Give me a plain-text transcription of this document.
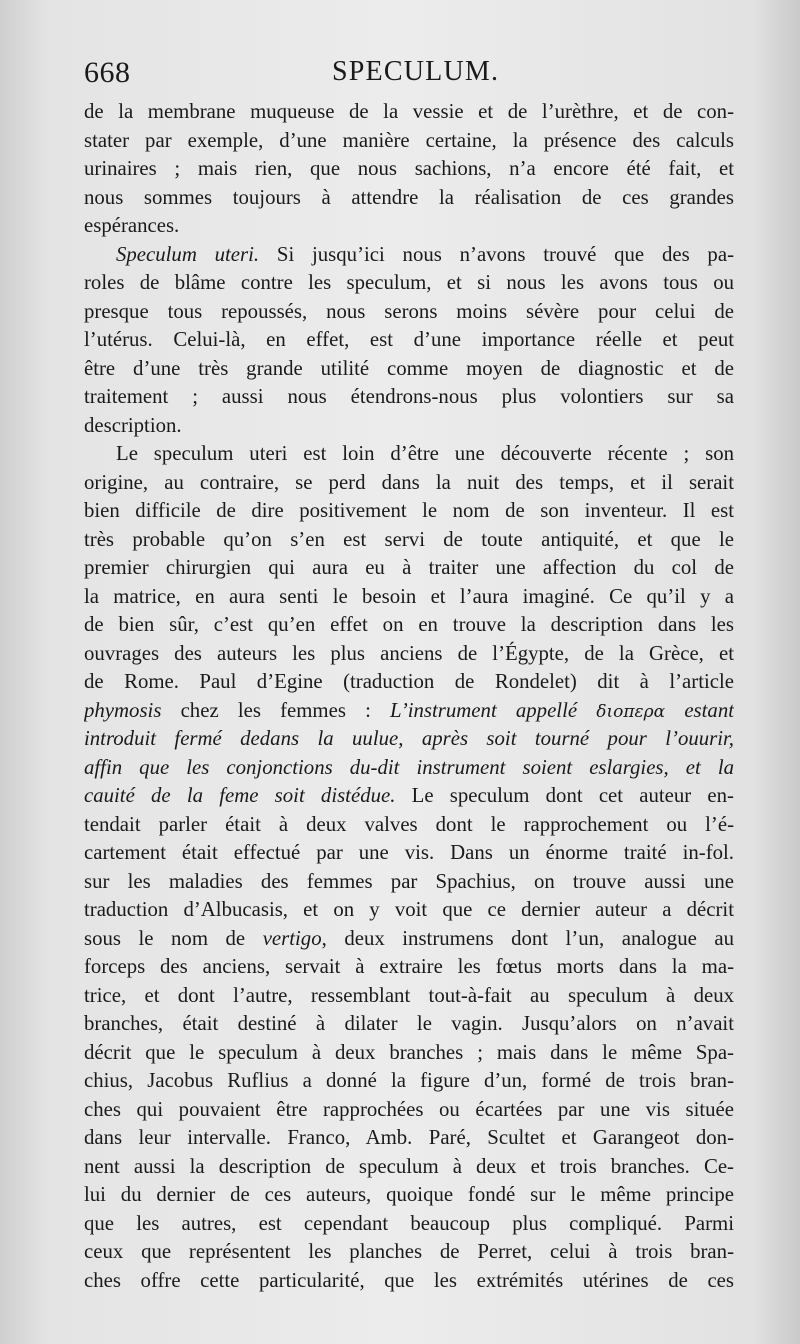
668	SPECULUM.
de la membrane muqueuse de la vessie et de l’urèthre, et de con-
stater par exemple, d’une manière certaine, la présence des calculs
urinaires ; mais rien, que nous sachions, n’a encore été fait, et
nous sommes toujours à attendre la réalisation de ces grandes
espérances.
Speculum uteri. Si jusqu’ici nous n’avons trouvé que des pa-
roles de blâme contre les speculum, et si nous les avons tous ou
presque tous repoussés, nous serons moins sévère pour celui de
l’utérus. Celui-là, en effet, est d’une importance réelle et peut
être d’une très grande utilité comme moyen de diagnostic et de
traitement ; aussi nous étendrons-nous plus volontiers sur sa
description.
Le speculum uteri est loin d’être une découverte récente ; son
origine, au contraire, se perd dans la nuit des temps, et il serait
bien difficile de dire positivement le nom de son inventeur. Il est
très probable qu’on s’en est servi de toute antiquité, et que le
premier chirurgien qui aura eu à traiter une affection du col de
la matrice, en aura senti le besoin et l’aura imaginé. Ce qu’il y a
de bien sûr, c’est qu’en effet on en trouve la description dans les
ouvrages des auteurs les plus anciens de l’Égypte, de la Grèce, et
de Rome. Paul d’Egine (traduction de Rondelet) dit à l’article
phymosis chez les femmes : L’instrument appellé διοπερα estant
introduit fermé dedans la uulue, après soit tourné pour l’ouurir,
affin que les conjonctions du-dit instrument soient eslargies, et la
cauité de la feme soit distédue. Le speculum dont cet auteur en-
tendait parler était à deux valves dont le rapprochement ou l’é-
cartement était effectué par une vis. Dans un énorme traité in-fol.
sur les maladies des femmes par Spachius, on trouve aussi une
traduction d’Albucasis, et on y voit que ce dernier auteur a décrit
sous le nom de vertigo, deux instrumens dont l’un, analogue au
forceps des anciens, servait à extraire les fœtus morts dans la ma-
trice, et dont l’autre, ressemblant tout-à-fait au speculum à deux
branches, était destiné à dilater le vagin. Jusqu’alors on n’avait
décrit que le speculum à deux branches ; mais dans le même Spa-
chius, Jacobus Ruflius a donné la figure d’un, formé de trois bran-
ches qui pouvaient être rapprochées ou écartées par une vis située
dans leur intervalle. Franco, Amb. Paré, Scultet et Garangeot don-
nent aussi la description de speculum à deux et trois branches. Ce-
lui du dernier de ces auteurs, quoique fondé sur le même principe
que les autres, est cependant beaucoup plus compliqué. Parmi
ceux que représentent les planches de Perret, celui à trois bran-
ches offre cette particularité, que les extrémités utérines de ces
